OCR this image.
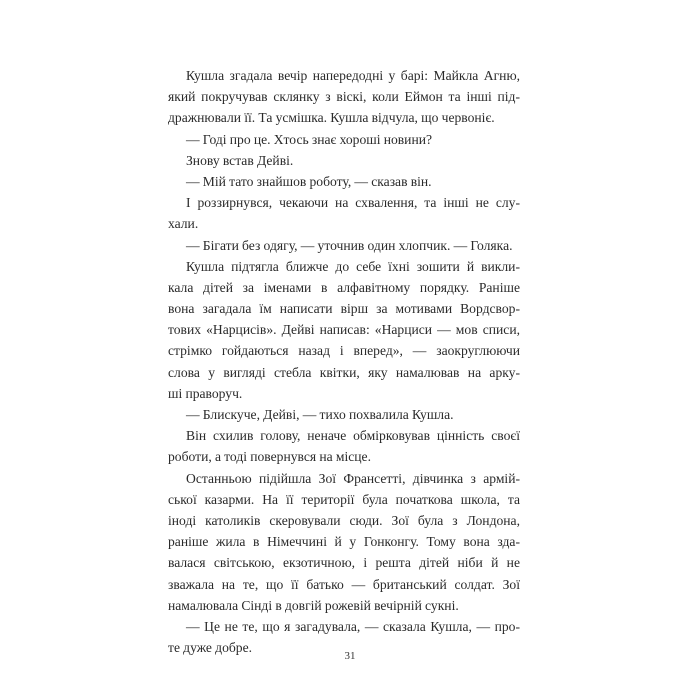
Кушла згадала вечір напередодні у барі: Майкла Агню,
який покручував склянку з віскі, коли Еймон та інші під-
дражнювали її. Та усмішка. Кушла відчула, що червоніє.
— Годі про це. Хтось знає хороші новини?
Знову встав Дейві.
— Мій тато знайшов роботу, — сказав він.
І роззирнувся, чекаючи на схвалення, та інші не слу-
хали.
— Бігати без одягу, — уточнив один хлопчик. — Голяка.
Кушла підтягла ближче до себе їхні зошити й викли-
кала дітей за іменами в алфавітному порядку. Раніше
вона загадала їм написати вірш за мотивами Вордсвор-
тових «Нарцисів». Дейві написав: «Нарциси — мов списи,
стрімко гойдаються назад і вперед», — заокруглюючи
слова у вигляді стебла квітки, яку намалював на арку-
ші праворуч.
— Блискуче, Дейві, — тихо похвалила Кушла.
Він схилив голову, неначе обмірковував цінність своєї
роботи, а тоді повернувся на місце.
Останньою підійшла Зої Франсетті, дівчинка з армій-
ської казарми. На її території була початкова школа, та
іноді католиків скеровували сюди. Зої була з Лондона,
раніше жила в Німеччині й у Гонконгу. Тому вона зда-
валася світською, екзотичною, і решта дітей ніби й не
зважала на те, що її батько — британський солдат. Зої
намалювала Сінді в довгій рожевій вечірній сукні.
— Це не те, що я загадувала, — сказала Кушла, — про-
те дуже добре.
31
